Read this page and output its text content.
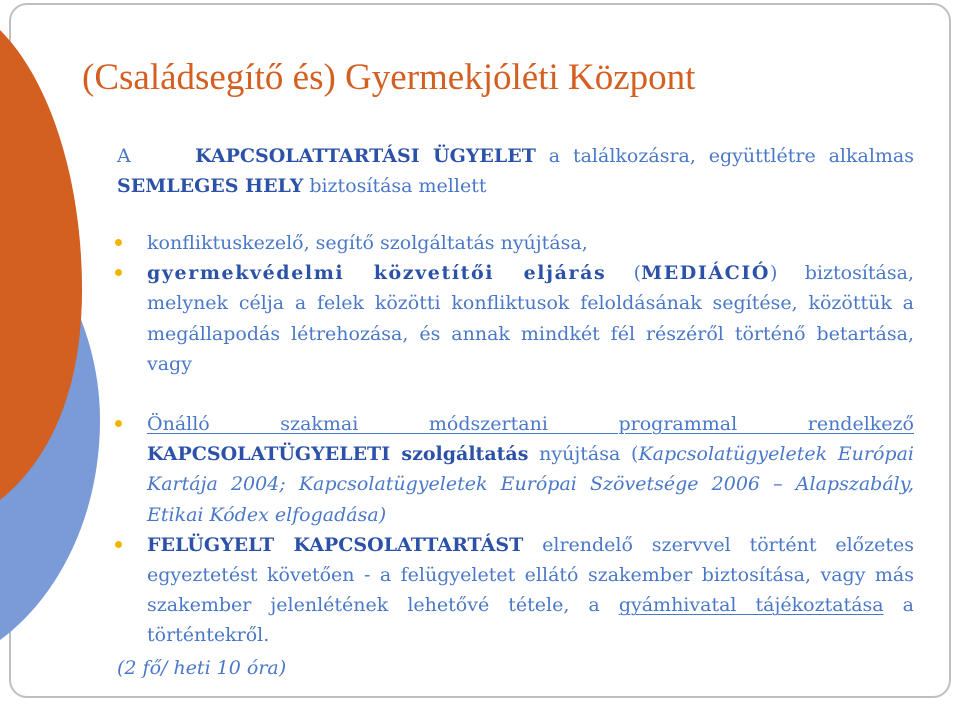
(Családsegítő és) Gyermekjóléti Központ
A	KAPCSOLATTARTÁSI ÜGYELET a találkozásra, együttlétre alkalmas SEMLEGES HELY biztosítása mellett
konfliktuskezelő, segítő szolgáltatás nyújtása,
gyermekvédelmi közvetítői eljárás (MEDIÁCIÓ) biztosítása, melynek célja a felek közötti konfliktusok feloldásának segítése, közöttük a megállapodás létrehozása, és annak mindkét fél részéről történő betartása, vagy
Önálló szakmai módszertani programmal rendelkező
KAPCSOLATÜGYELETI szolgáltatás nyújtása (Kapcsolatügyeletek Európai Kartája 2004; Kapcsolatügyeletek Európai Szövetsége 2006 – Alapszabály, Etikai Kódex elfogadása)
FELÜGYELT KAPCSOLATTARTÁST elrendelő szervvel történt előzetes egyeztetést követően - a felügyeletet ellátó szakember biztosítása, vagy más szakember jelenlétének lehetővé tétele, a gyámhivatal tájékoztatása a történtekről.
(2 fő/ heti 10 óra)
